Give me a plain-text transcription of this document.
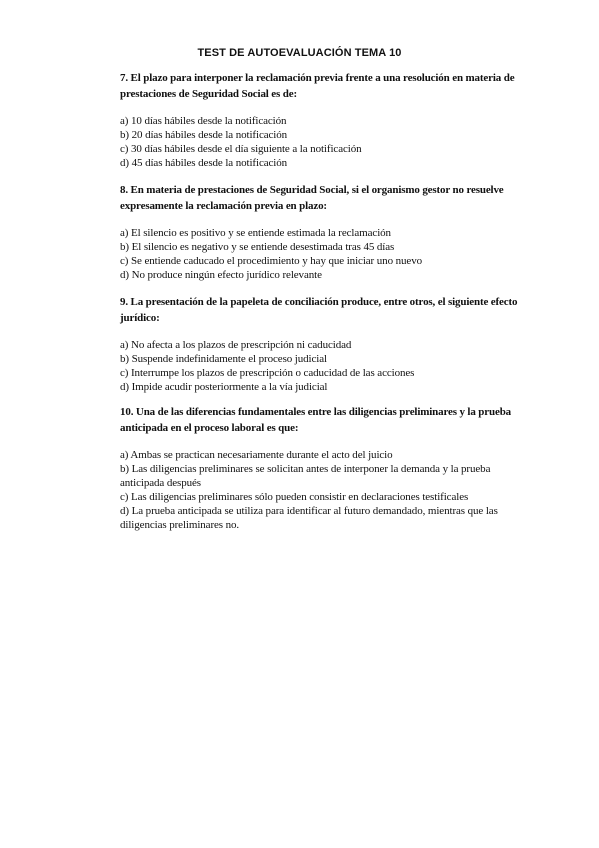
TEST DE AUTOEVALUACIÓN TEMA 10

7. El plazo para interponer la reclamación previa frente a una resolución en materia de prestaciones de Seguridad Social es de:

a) 10 días hábiles desde la notificación
b) 20 días hábiles desde la notificación
c) 30 días hábiles desde el día siguiente a la notificación
d) 45 días hábiles desde la notificación

8. En materia de prestaciones de Seguridad Social, si el organismo gestor no resuelve expresamente la reclamación previa en plazo:

a) El silencio es positivo y se entiende estimada la reclamación
b) El silencio es negativo y se entiende desestimada tras 45 días
c) Se entiende caducado el procedimiento y hay que iniciar uno nuevo
d) No produce ningún efecto jurídico relevante

9. La presentación de la papeleta de conciliación produce, entre otros, el siguiente efecto jurídico:

a) No afecta a los plazos de prescripción ni caducidad
b) Suspende indefinidamente el proceso judicial
c) Interrumpe los plazos de prescripción o caducidad de las acciones
d) Impide acudir posteriormente a la vía judicial

10. Una de las diferencias fundamentales entre las diligencias preliminares y la prueba anticipada en el proceso laboral es que:

a) Ambas se practican necesariamente durante el acto del juicio
b) Las diligencias preliminares se solicitan antes de interponer la demanda y la prueba anticipada después
c) Las diligencias preliminares sólo pueden consistir en declaraciones testificales
d) La prueba anticipada se utiliza para identificar al futuro demandado, mientras que las diligencias preliminares no.
